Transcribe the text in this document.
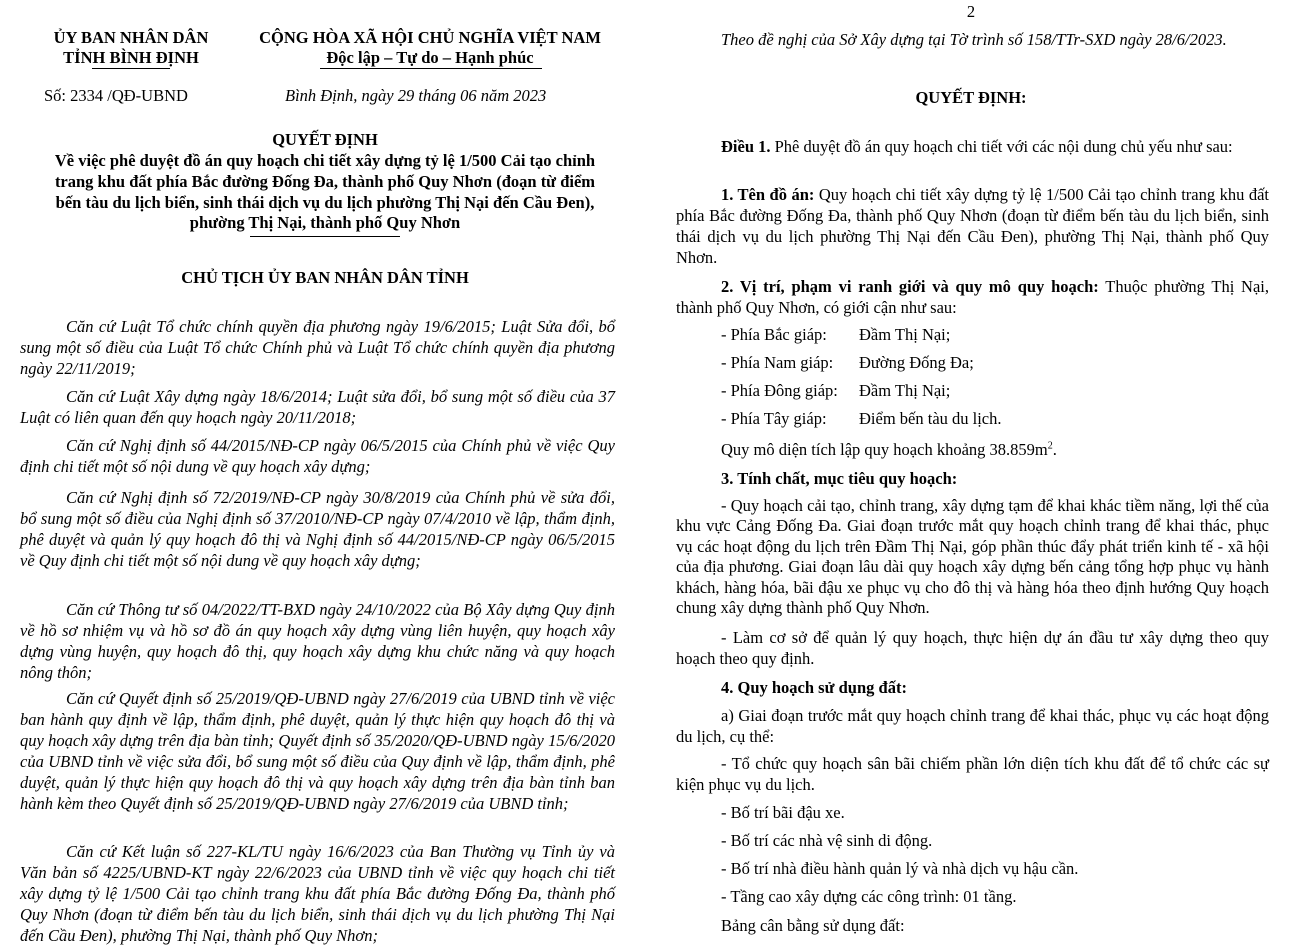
ỦY BAN NHÂN DÂN
TỈNH BÌNH ĐỊNH
CỘNG HÒA XÃ HỘI CHỦ NGHĨA VIỆT NAM
Độc lập – Tự do – Hạnh phúc
Số: 2334 /QĐ-UBND	Bình Định, ngày 29 tháng 06 năm 2023
QUYẾT ĐỊNH
Về việc phê duyệt đồ án quy hoạch chi tiết xây dựng tỷ lệ 1/500 Cải tạo chỉnh
trang khu đất phía Bắc đường Đống Đa, thành phố Quy Nhơn (đoạn từ điểm
bến tàu du lịch biển, sinh thái dịch vụ du lịch phường Thị Nại đến Cầu Đen),
phường Thị Nại, thành phố Quy Nhơn
CHỦ TỊCH ỦY BAN NHÂN DÂN TỈNH

Căn cứ Luật Tổ chức chính quyền địa phương ngày 19/6/2015; Luật Sửa đổi, bổ sung một số điều của Luật Tổ chức Chính phủ và Luật Tổ chức chính quyền địa phương ngày 22/11/2019;

Căn cứ Luật Xây dựng ngày 18/6/2014; Luật sửa đổi, bổ sung một số điều của 37 Luật có liên quan đến quy hoạch ngày 20/11/2018;

Căn cứ Nghị định số 44/2015/NĐ-CP ngày 06/5/2015 của Chính phủ về việc Quy định chi tiết một số nội dung về quy hoạch xây dựng;

Căn cứ Nghị định số 72/2019/NĐ-CP ngày 30/8/2019 của Chính phủ về sửa đổi, bổ sung một số điều của Nghị định số 37/2010/NĐ-CP ngày 07/4/2010 về lập, thẩm định, phê duyệt và quản lý quy hoạch đô thị và Nghị định số 44/2015/NĐ-CP ngày 06/5/2015 về Quy định chi tiết một số nội dung về quy hoạch xây dựng;

Căn cứ Thông tư số 04/2022/TT-BXD ngày 24/10/2022 của Bộ Xây dựng Quy định về hồ sơ nhiệm vụ và hồ sơ đồ án quy hoạch xây dựng vùng liên huyện, quy hoạch xây dựng vùng huyện, quy hoạch đô thị, quy hoạch xây dựng khu chức năng và quy hoạch nông thôn;

Căn cứ Quyết định số 25/2019/QĐ-UBND ngày 27/6/2019 của UBND tỉnh về việc ban hành quy định về lập, thẩm định, phê duyệt, quản lý thực hiện quy hoạch đô thị và quy hoạch xây dựng trên địa bàn tỉnh; Quyết định số 35/2020/QĐ-UBND ngày 15/6/2020 của UBND tỉnh về việc sửa đổi, bổ sung một số điều của Quy định về lập, thẩm định, phê duyệt, quản lý thực hiện quy hoạch đô thị và quy hoạch xây dựng trên địa bàn tỉnh ban hành kèm theo Quyết định số 25/2019/QĐ-UBND ngày 27/6/2019 của UBND tỉnh;

Căn cứ Kết luận số 227-KL/TU ngày 16/6/2023 của Ban Thường vụ Tỉnh ủy và Văn bản số 4225/UBND-KT ngày 22/6/2023 của UBND tỉnh về việc quy hoạch chi tiết xây dựng tỷ lệ 1/500 Cải tạo chỉnh trang khu đất phía Bắc đường Đống Đa, thành phố Quy Nhơn (đoạn từ điểm bến tàu du lịch biển, sinh thái dịch vụ du lịch phường Thị Nại đến Cầu Đen), phường Thị Nại, thành phố Quy Nhơn;

2

Theo đề nghị của Sở Xây dựng tại Tờ trình số 158/TTr-SXD ngày 28/6/2023.

QUYẾT ĐỊNH:

Điều 1. Phê duyệt đồ án quy hoạch chi tiết với các nội dung chủ yếu như sau:

1. Tên đồ án: Quy hoạch chi tiết xây dựng tỷ lệ 1/500 Cải tạo chỉnh trang khu đất phía Bắc đường Đống Đa, thành phố Quy Nhơn (đoạn từ điểm bến tàu du lịch biển, sinh thái dịch vụ du lịch phường Thị Nại đến Cầu Đen), phường Thị Nại, thành phố Quy Nhơn.

2. Vị trí, phạm vi ranh giới và quy mô quy hoạch: Thuộc phường Thị Nại, thành phố Quy Nhơn, có giới cận như sau:

- Phía Bắc giáp: Đầm Thị Nại;
- Phía Nam giáp: Đường Đống Đa;
- Phía Đông giáp: Đầm Thị Nại;
- Phía Tây giáp: Điểm bến tàu du lịch.
Quy mô diện tích lập quy hoạch khoảng $38.859m^2$.
3. Tính chất, mục tiêu quy hoạch:

- Quy hoạch cải tạo, chỉnh trang, xây dựng tạm để khai khác tiềm năng, lợi thế của khu vực Cảng Đống Đa. Giai đoạn trước mắt quy hoạch chỉnh trang để khai thác, phục vụ các hoạt động du lịch trên Đầm Thị Nại, góp phần thúc đẩy phát triển kinh tế - xã hội của địa phương. Giai đoạn lâu dài quy hoạch xây dựng bến cảng tổng hợp phục vụ hành khách, hàng hóa, bãi đậu xe phục vụ cho đô thị và hàng hóa theo định hướng Quy hoạch chung xây dựng thành phố Quy Nhơn.

- Làm cơ sở để quản lý quy hoạch, thực hiện dự án đầu tư xây dựng theo quy hoạch theo quy định.

4. Quy hoạch sử dụng đất:

a) Giai đoạn trước mắt quy hoạch chỉnh trang để khai thác, phục vụ các hoạt động du lịch, cụ thể:

- Tổ chức quy hoạch sân bãi chiếm phần lớn diện tích khu đất để tổ chức các sự kiện phục vụ du lịch.

- Bố trí bãi đậu xe.
- Bố trí các nhà vệ sinh di động.
- Bố trí nhà điều hành quản lý và nhà dịch vụ hậu cần.
- Tầng cao xây dựng các công trình: 01 tầng.
Bảng cân bằng sử dụng đất:
